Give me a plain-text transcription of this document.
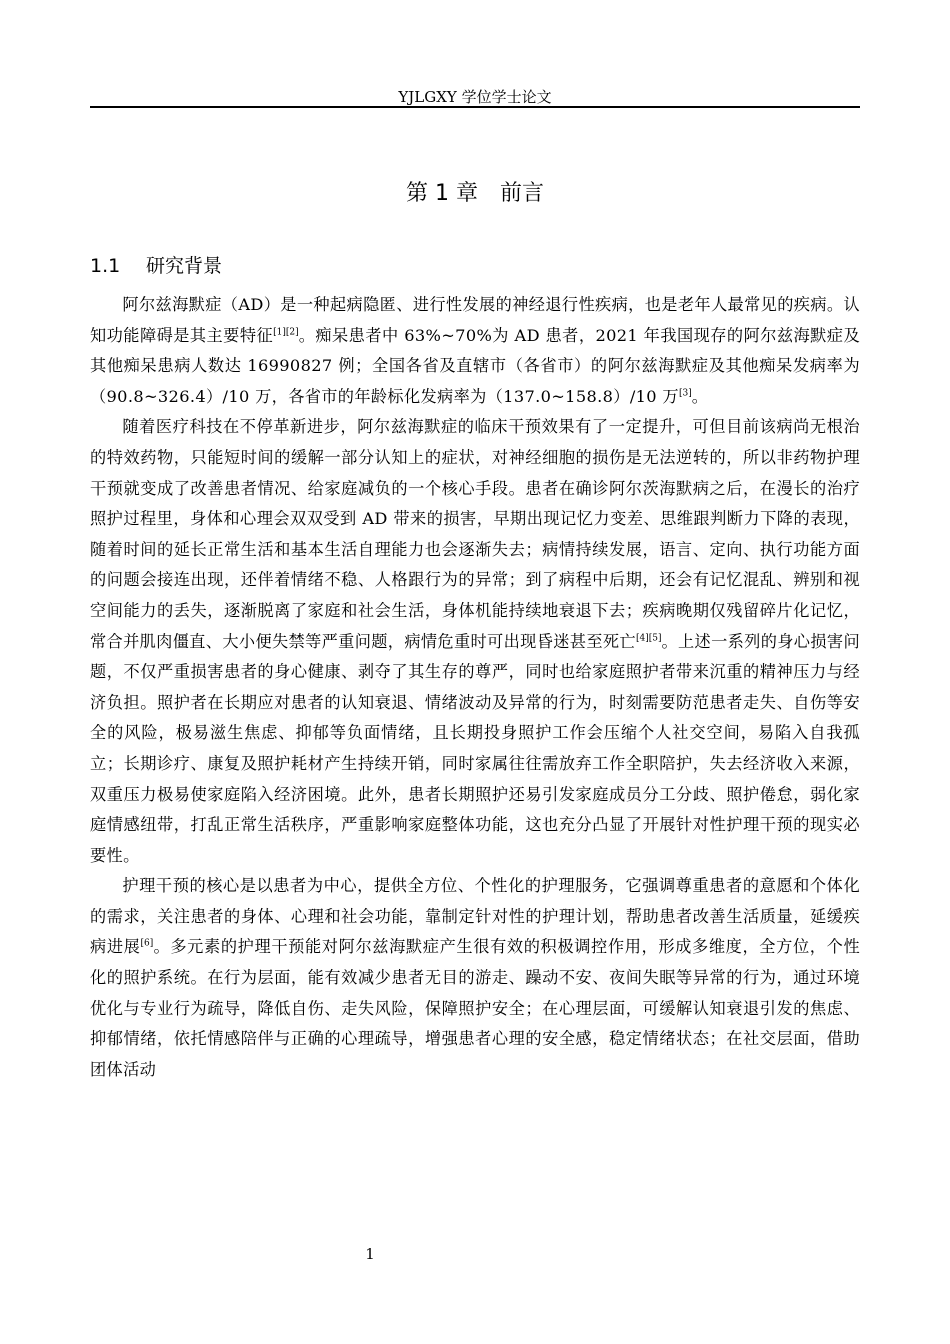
YJLGXY 学位学士论文
第 1 章 前言
1.1 研究背景

阿尔兹海默症（AD）是一种起病隐匿、进行性发展的神经退行性疾病，也是老年人最常见的疾病。认知功能障碍是其主要特征[1][2]。痴呆患者中 63%~70%为 AD 患者，2021 年我国现存的阿尔兹海默症及其他痴呆患病人数达 16990827 例；全国各省及直辖市（各省市）的阿尔兹海默症及其他痴呆发病率为（90.8~326.4）/10 万，各省市的年龄标化发病率为（137.0~158.8）/10 万[3]。

随着医疗科技在不停革新进步，阿尔兹海默症的临床干预效果有了一定提升，可但目前该病尚无根治的特效药物，只能短时间的缓解一部分认知上的症状，对神经细胞的损伤是无法逆转的，所以非药物护理干预就变成了改善患者情况、给家庭减负的一个核心手段。患者在确诊阿尔茨海默病之后，在漫长的治疗照护过程里，身体和心理会双双受到 AD 带来的损害，早期出现记忆力变差、思维跟判断力下降的表现，随着时间的延长正常生活和基本生活自理能力也会逐渐失去；病情持续发展，语言、定向、执行功能方面的问题会接连出现，还伴着情绪不稳、人格跟行为的异常；到了病程中后期，还会有记忆混乱、辨别和视空间能力的丢失，逐渐脱离了家庭和社会生活，身体机能持续地衰退下去；疾病晚期仅残留碎片化记忆，常合并肌肉僵直、大小便失禁等严重问题，病情危重时可出现昏迷甚至死亡[4][5]。上述一系列的身心损害问题，不仅严重损害患者的身心健康、剥夺了其生存的尊严，同时也给家庭照护者带来沉重的精神压力与经济负担。照护者在长期应对患者的认知衰退、情绪波动及异常的行为，时刻需要防范患者走失、自伤等安全的风险，极易滋生焦虑、抑郁等负面情绪，且长期投身照护工作会压缩个人社交空间，易陷入自我孤立；长期诊疗、康复及照护耗材产生持续开销，同时家属往往需放弃工作全职陪护，失去经济收入来源，双重压力极易使家庭陷入经济困境。此外，患者长期照护还易引发家庭成员分工分歧、照护倦怠，弱化家庭情感纽带，打乱正常生活秩序，严重影响家庭整体功能，这也充分凸显了开展针对性护理干预的现实必要性。

护理干预的核心是以患者为中心，提供全方位、个性化的护理服务，它强调尊重患者的意愿和个体化的需求，关注患者的身体、心理和社会功能，靠制定针对性的护理计划，帮助患者改善生活质量，延缓疾病进展[6]。多元素的护理干预能对阿尔兹海默症产生很有效的积极调控作用，形成多维度，全方位，个性化的照护系统。在行为层面，能有效减少患者无目的游走、躁动不安、夜间失眠等异常的行为，通过环境优化与专业行为疏导，降低自伤、走失风险，保障照护安全；在心理层面，可缓解认知衰退引发的焦虑、抑郁情绪，依托情感陪伴与正确的心理疏导，增强患者心理的安全感，稳定情绪状态；在社交层面，借助团体活动

1
